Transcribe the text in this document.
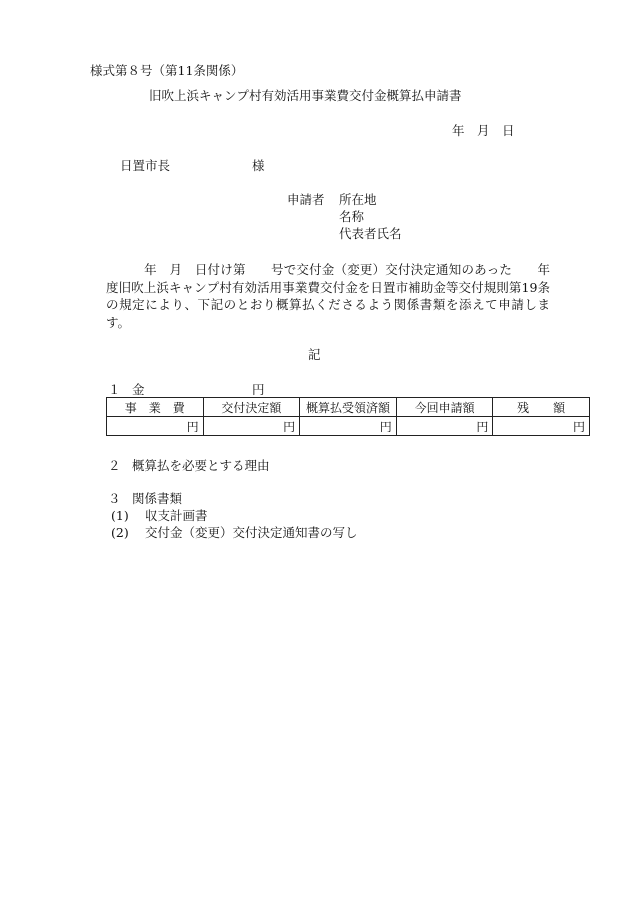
様式第８号（第11条関係）
旧吹上浜キャンプ村有効活用事業費交付金概算払申請書
年　月　日
日置市長	様
申請者 所在地
名称
代表者氏名
　　　年　月　日付け第　　号で交付金（変更）交付決定通知のあった　　年度旧吹上浜キャンプ村有効活用事業費交付金を日置市補助金等交付規則第19条の規定により、下記のとおり概算払くださるよう関係書類を添えて申請します。
記
１ 金	円
事　業　費	交付決定額	概算払受領済額	今回申請額	残　　額
円	円	円	円	円
２ 概算払を必要とする理由
３ 関係書類
(1) 収支計画書
(2) 交付金（変更）交付決定通知書の写し
